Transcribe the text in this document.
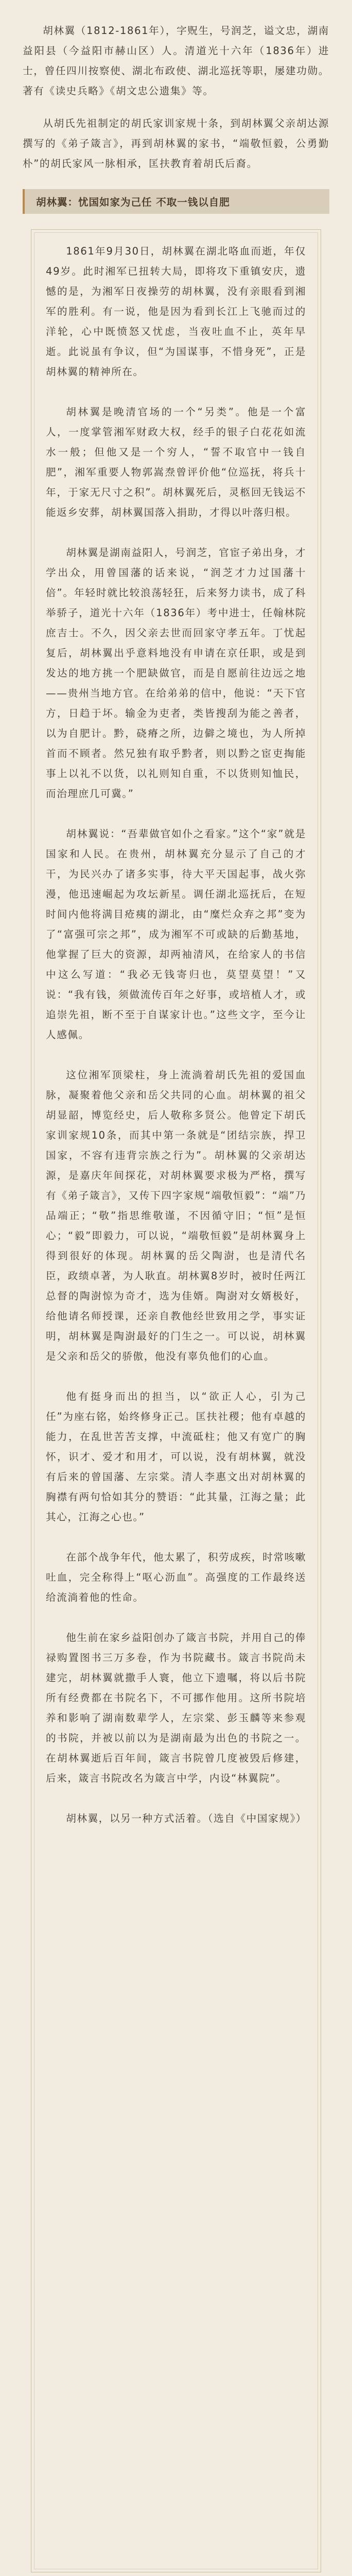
胡林翼（1812-1861年），字贶生，号润芝，谥文忠，湖南益阳县（今益阳市赫山区）人。清道光十六年（1836年）进士，曾任四川按察使、湖北布政使、湖北巡抚等职，屡建功勋。著有《读史兵略》《胡文忠公遗集》等。

从胡氏先祖制定的胡氏家训家规十条，到胡林翼父亲胡达源撰写的《弟子箴言》，再到胡林翼的家书，“端敬恒毅，公勇勤朴”的胡氏家风一脉相承，匡扶教育着胡氏后裔。

胡林翼：忧国如家为己任 不取一钱以自肥

1861年9月30日，胡林翼在湖北咯血而逝，年仅49岁。此时湘军已扭转大局，即将攻下重镇安庆，遗憾的是，为湘军日夜操劳的胡林翼，没有亲眼看到湘军的胜利。有一说，他是因为看到长江上飞驰而过的洋轮，心中既愤怒又忧虑，当夜吐血不止，英年早逝。此说虽有争议，但“为国谋事，不惜身死”，正是胡林翼的精神所在。

胡林翼是晚清官场的一个“另类”。他是一个富人，一度掌管湘军财政大权，经手的银子白花花如流水一般；但他又是一个穷人，“誓不取官中一钱自肥”，湘军重要人物郭嵩焘曾评价他“位巡抚，将兵十年，于家无尺寸之积”。胡林翼死后，灵柩回无钱运不能返乡安葬，胡林翼国落入捐助，才得以叶落归根。

胡林翼是湖南益阳人，号润芝，官宦子弟出身，才学出众，用曾国藩的话来说，“润芝才力过国藩十倍”。年轻时就比较浪荡轻狂，后来努力读书，成了科举骄子，道光十六年（1836年）考中进士，任翰林院庶吉士。不久，因父亲去世而回家守孝五年。丁忧起复后，胡林翼出乎意料地没有申请在京任职，或是到发达的地方挑一个肥缺做官，而是自愿前往边远之地——贵州当地方官。在给弟弟的信中，他说：“天下官方，日趋于坏。输金为吏者，类皆搜刮为能之善者，以为自肥计。黔，硗瘠之所，边僻之境也，为人所掉首而不顾者。然兄独有取乎黔者，则以黔之宦吏掏能事上以礼不以货，以礼则知自重，不以货则知恤民，而治理庶几可冀。”

胡林翼说：“吾辈做官如仆之看家。”这个“家”就是国家和人民。在贵州，胡林翼充分显示了自己的才干，为民兴办了诸多实事，待大平天国起事，战火弥漫，他迅速崛起为攻坛新星。调任湖北巡抚后，在短时间内他将满目疮痍的湖北，由“糜烂众弃之邦”变为了“富强可宗之邦”，成为湘军不可或缺的后勤基地，他掌握了巨大的资源，却两袖清风，在给家人的书信中这么写道：“我必无钱寄归也，莫望莫望！”又说：“我有钱，须做流传百年之好事，或培植人才，或追崇先祖，断不至于自谋家计也。”这些文字，至今让人感佩。

这位湘军顶梁柱，身上流淌着胡氏先祖的爱国血脉，凝聚着他父亲和岳父共同的心血。胡林翼的祖父胡显韶，博览经史，后人敬称多贤公。他曾定下胡氏家训家规10条，而其中第一条就是“团结宗族，捍卫国家，不容有违背宗族之行为”。胡林翼的父亲胡达源，是嘉庆年间探花，对胡林翼要求极为严格，撰写有《弟子箴言》，又传下四字家规“端敬恒毅”：“端”乃品端正；“敬”指思维敬谨，不因循守旧；“恒”是恒心；“毅”即毅力，可以说，“端敬恒毅”是胡林翼身上得到很好的体现。胡林翼的岳父陶澍，也是清代名臣，政绩卓著，为人耿直。胡林翼8岁时，被时任两江总督的陶澍惊为奇才，选为佳婿。陶澍对女婿极好，给他请名师授课，还亲自教他经世致用之学，事实证明，胡林翼是陶澍最好的门生之一。可以说，胡林翼是父亲和岳父的骄傲，他没有辜负他们的心血。

他有挺身而出的担当，以“欲正人心，引为己任”为座右铭，始终修身正己。匡扶社稷；他有卓越的能力，在乱世苦苦支撑，中流砥柱；他又有宽广的胸怀，识才、爱才和用才，可以说，没有胡林翼，就没有后来的曾国藩、左宗棠。清人李惠文出对胡林翼的胸襟有两句恰如其分的赞语：“此其量，江海之量；此其心，江海之心也。”

在部个战争年代，他太累了，积劳成疾，时常咳嗽吐血，完全称得上“呕心沥血”。高强度的工作最终送给流淌着他的性命。

他生前在家乡益阳创办了箴言书院，并用自己的俸禄购置图书三万多卷，作为书院藏书。箴言书院尚未建完，胡林翼就撒手人寰，他立下遗嘱，将以后书院所有经费都在书院名下，不可挪作他用。这所书院培养和影响了湖南数辈学人，左宗棠、彭玉麟等来参观的书院，并被以前以为是湖南最为出色的书院之一。在胡林翼逝后百年间，箴言书院曾几度被毁后修建，后来，箴言书院改名为箴言中学，内设“林翼院”。

胡林翼，以另一种方式活着。（选自《中国家规》）
